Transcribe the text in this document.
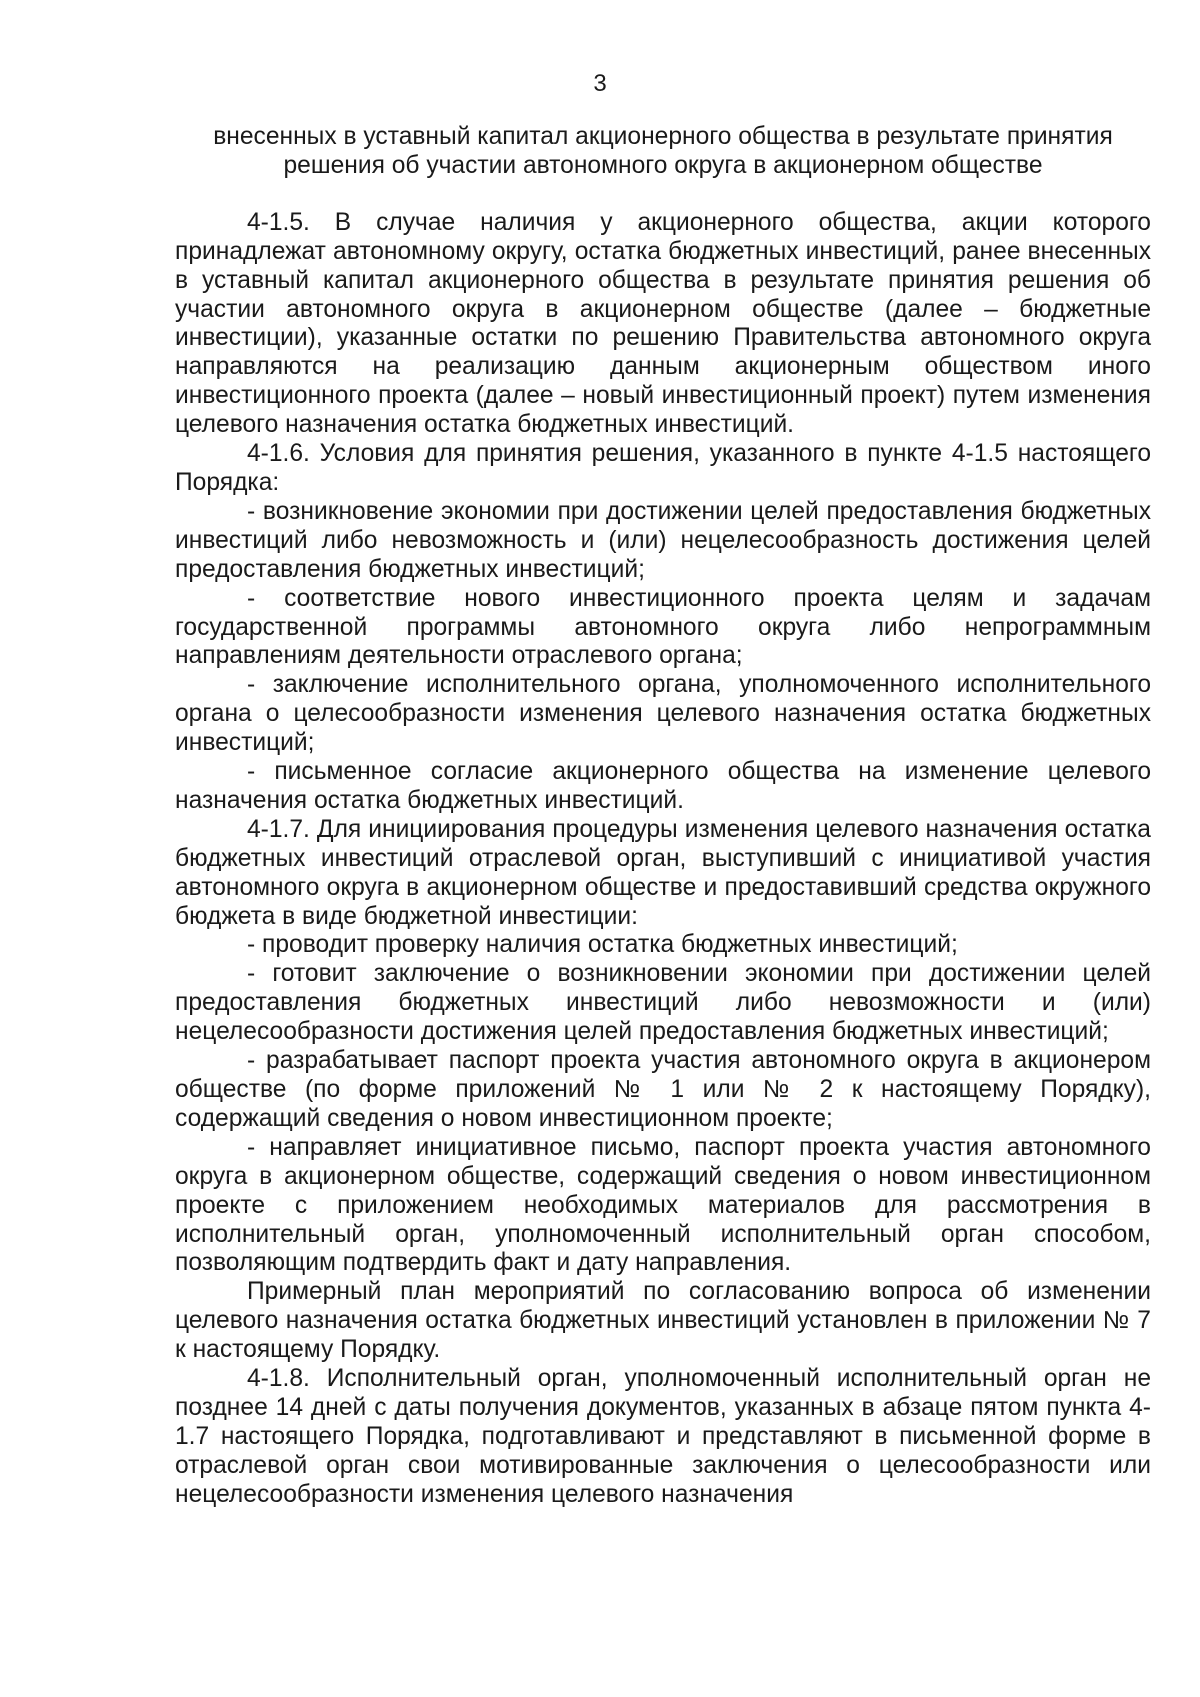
3
внесенных в уставный капитал акционерного общества в результате принятия решения об участии автономного округа в акционерном обществе

4-1.5. В случае наличия у акционерного общества, акции которого принадлежат автономному округу, остатка бюджетных инвестиций, ранее внесенных в уставный капитал акционерного общества в результате принятия решения об участии автономного округа в акционерном обществе (далее – бюджетные инвестиции), указанные остатки по решению Правительства автономного округа направляются на реализацию данным акционерным обществом иного инвестиционного проекта (далее – новый инвестиционный проект) путем изменения целевого назначения остатка бюджетных инвестиций.

4-1.6. Условия для принятия решения, указанного в пункте 4-1.5 настоящего Порядка:

- возникновение экономии при достижении целей предоставления бюджетных инвестиций либо невозможность и (или) нецелесообразность достижения целей предоставления бюджетных инвестиций;

- соответствие нового инвестиционного проекта целям и задачам государственной программы автономного округа либо непрограммным направлениям деятельности отраслевого органа;

- заключение исполнительного органа, уполномоченного исполнительного органа о целесообразности изменения целевого назначения остатка бюджетных инвестиций;

- письменное согласие акционерного общества на изменение целевого назначения остатка бюджетных инвестиций.

4-1.7. Для инициирования процедуры изменения целевого назначения остатка бюджетных инвестиций отраслевой орган, выступивший с инициативой участия автономного округа в акционерном обществе и предоставивший средства окружного бюджета в виде бюджетной инвестиции:

- проводит проверку наличия остатка бюджетных инвестиций;

- готовит заключение о возникновении экономии при достижении целей предоставления бюджетных инвестиций либо невозможности и (или) нецелесообразности достижения целей предоставления бюджетных инвестиций;

- разрабатывает паспорт проекта участия автономного округа в акционером обществе (по форме приложений № 1 или № 2 к настоящему Порядку), содержащий сведения о новом инвестиционном проекте;

- направляет инициативное письмо, паспорт проекта участия автономного округа в акционерном обществе, содержащий сведения о новом инвестиционном проекте с приложением необходимых материалов для рассмотрения в исполнительный орган, уполномоченный исполнительный орган способом, позволяющим подтвердить факт и дату направления.

Примерный план мероприятий по согласованию вопроса об изменении целевого назначения остатка бюджетных инвестиций установлен в приложении № 7 к настоящему Порядку.

4-1.8. Исполнительный орган, уполномоченный исполнительный орган не позднее 14 дней с даты получения документов, указанных в абзаце пятом пункта 4-1.7 настоящего Порядка, подготавливают и представляют в письменной форме в отраслевой орган свои мотивированные заключения о целесообразности или нецелесообразности изменения целевого назначения
